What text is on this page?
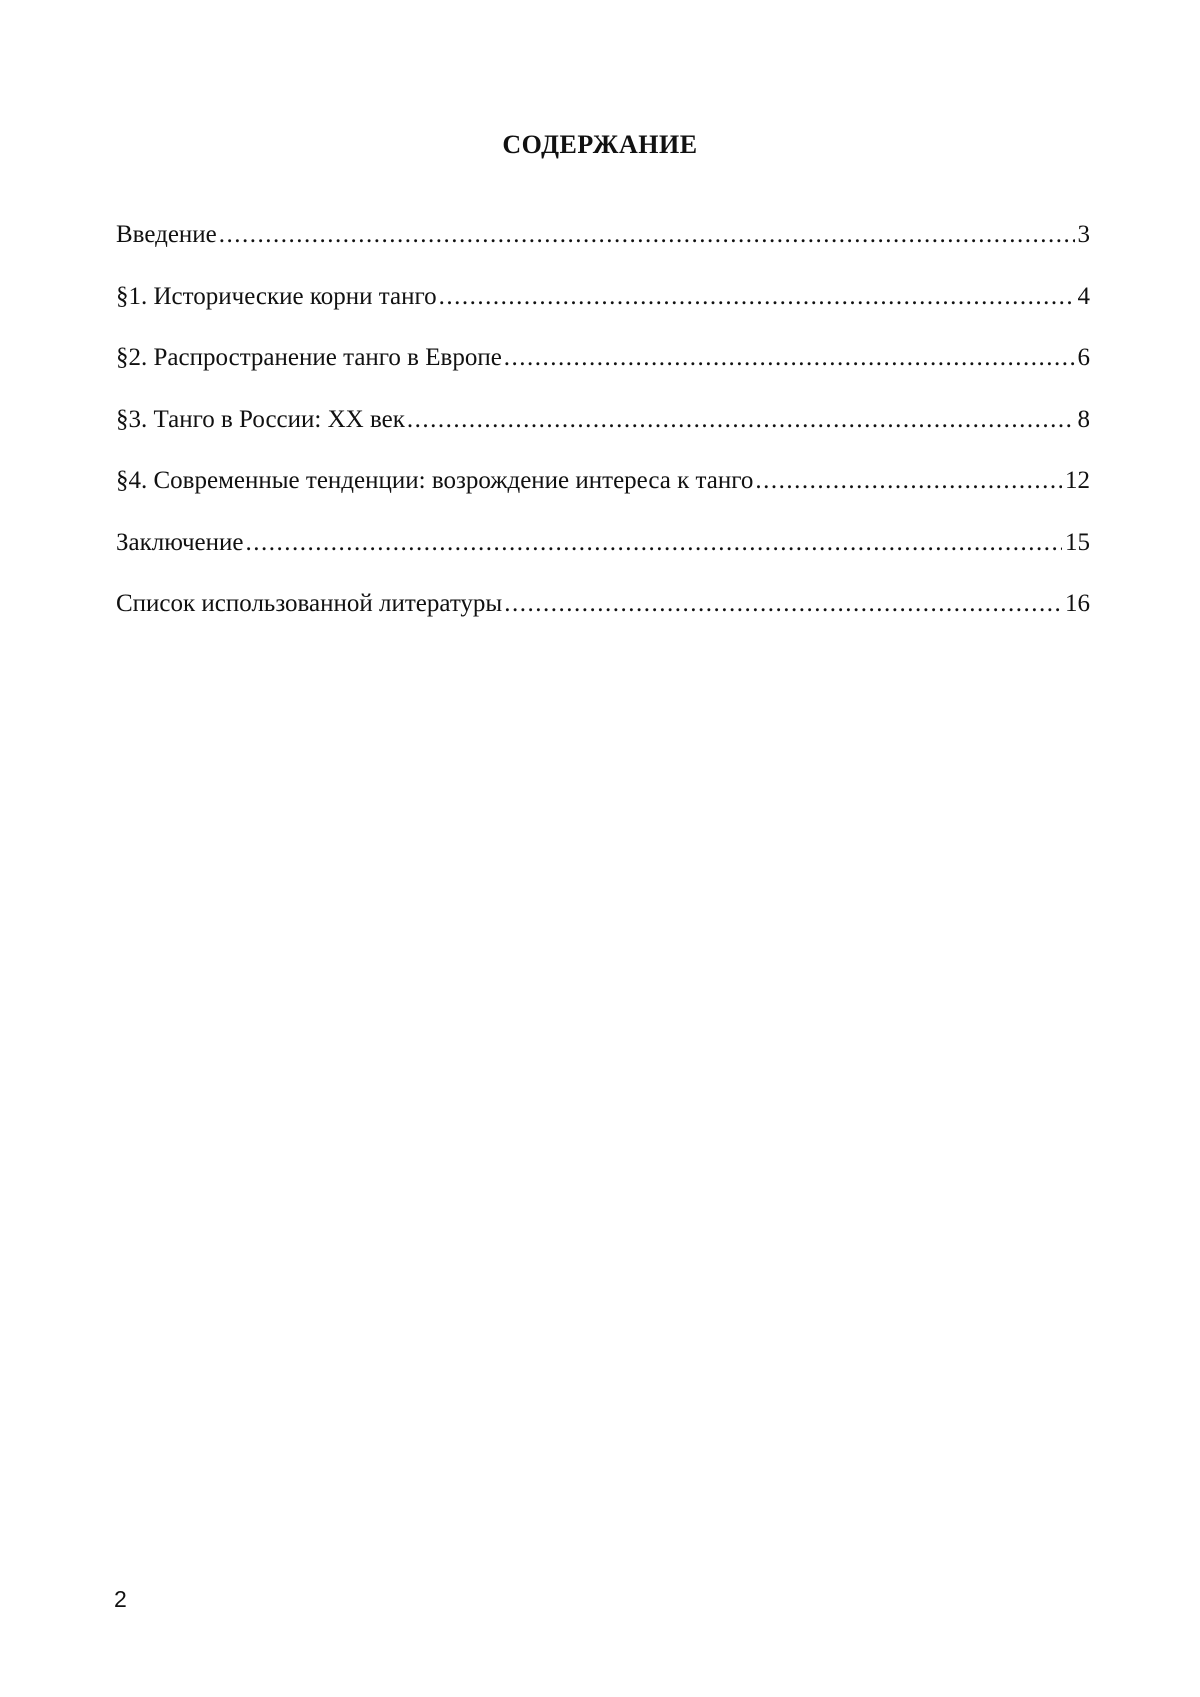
СОДЕРЖАНИЕ
Введение
.....	3
§1. Исторические корни танго
.....	4
§2. Распространение танго в Европе
.....	6
§3. Танго в России: XX век
.....	8
§4. Современные тенденции: возрождение интереса к танго
.....	12
Заключение
.....	15
Список использованной литературы
.....	16
2
